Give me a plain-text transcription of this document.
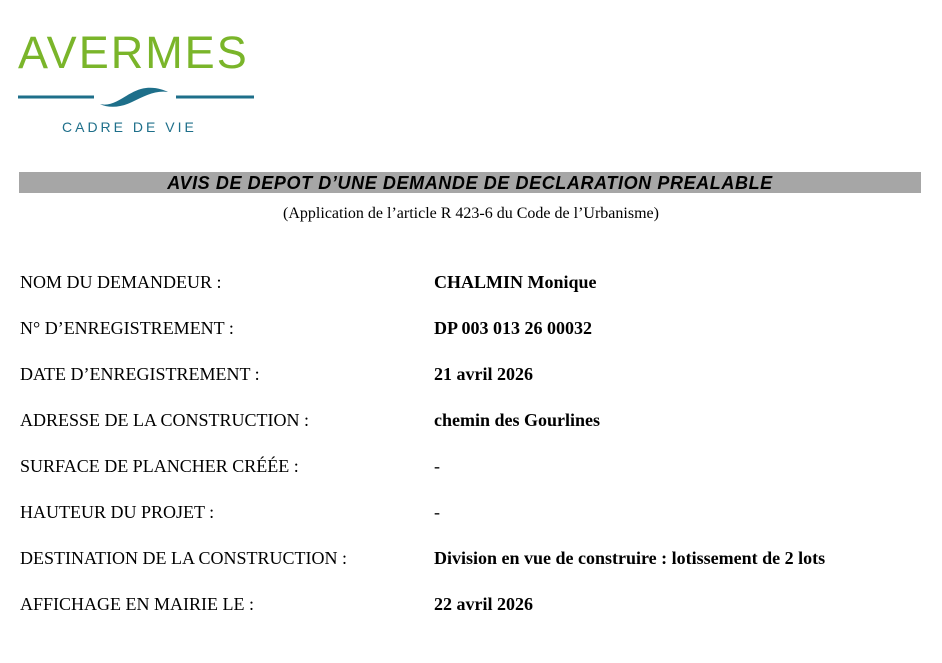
AVERMES
CADRE DE VIE
AVIS DE DEPOT D’UNE DEMANDE DE DECLARATION PREALABLE
(Application de l’article R 423-6 du Code de l’Urbanisme)
NOM DU DEMANDEUR :	CHALMIN Monique
N° D’ENREGISTREMENT :	DP 003 013 26 00032
DATE D’ENREGISTREMENT :	21 avril 2026
ADRESSE DE LA CONSTRUCTION :	chemin des Gourlines
SURFACE DE PLANCHER CRÉÉE :	-
HAUTEUR DU PROJET :	-
DESTINATION DE LA CONSTRUCTION :	Division en vue de construire : lotissement de 2 lots
AFFICHAGE EN MAIRIE LE :	22 avril 2026
